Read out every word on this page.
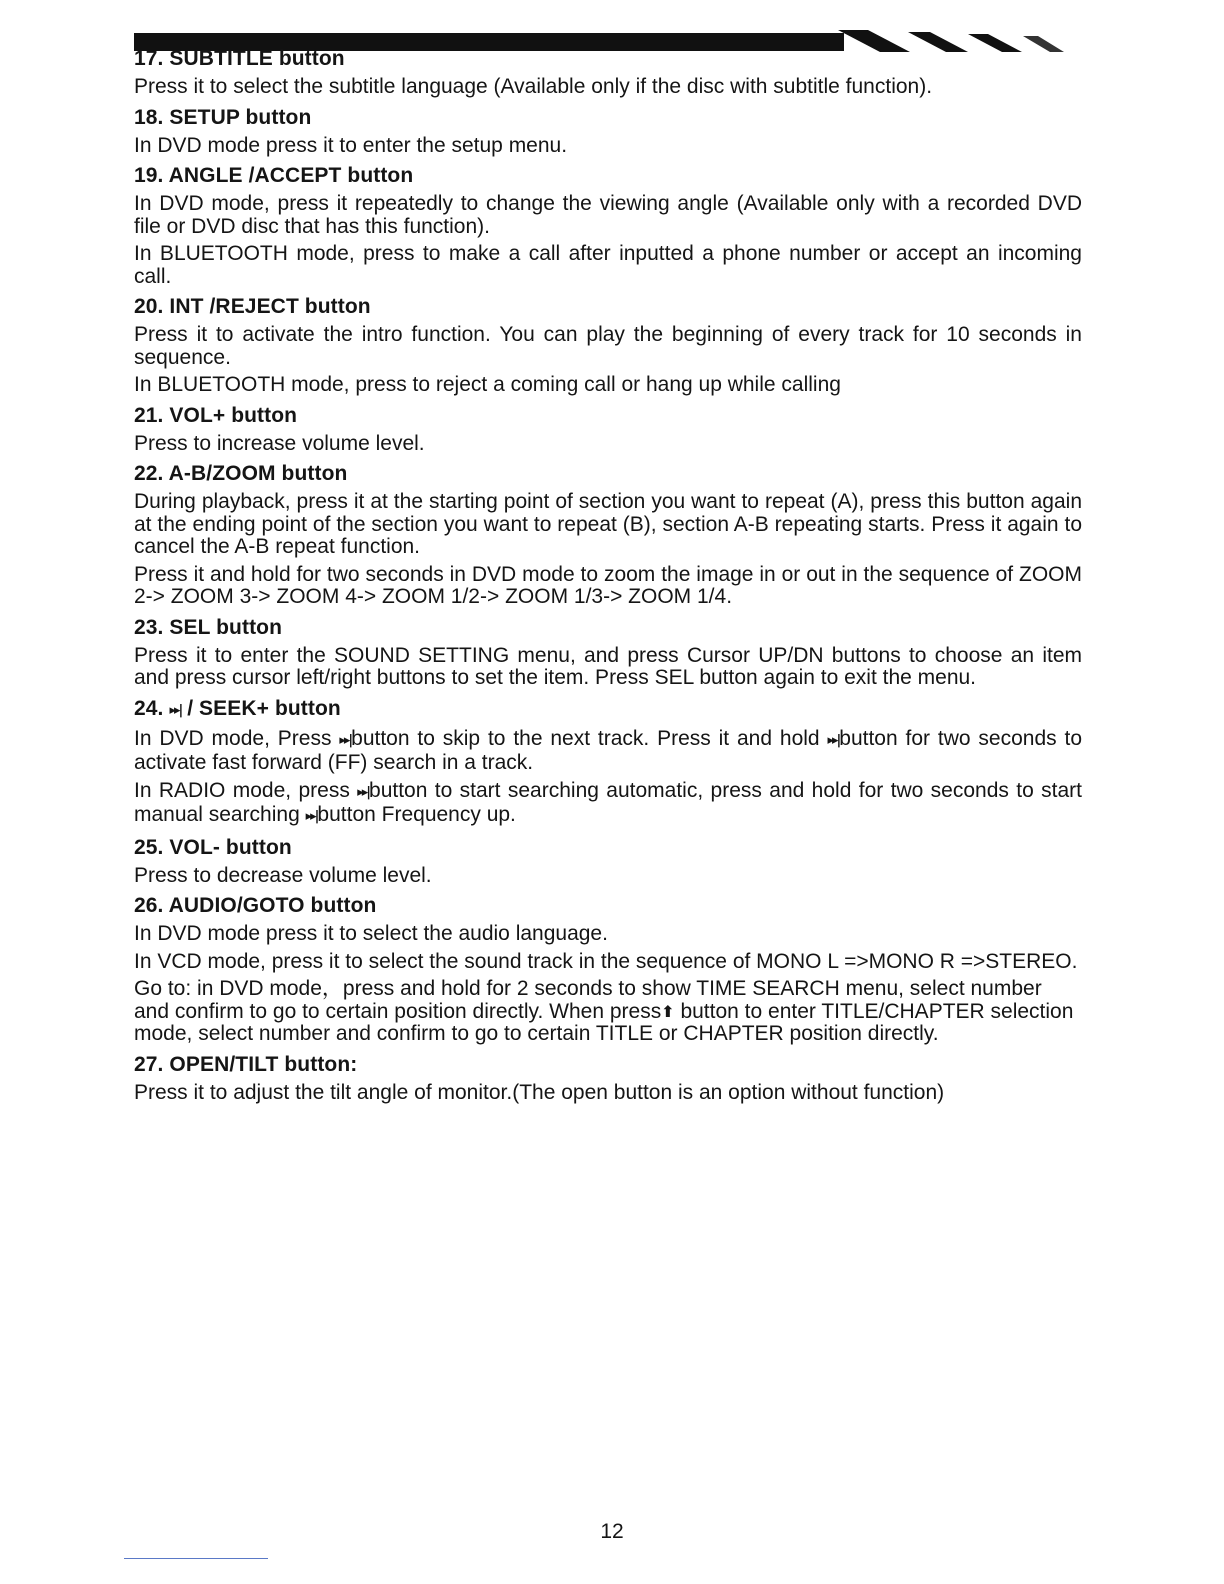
17. SUBTITLE button

Press it to select the subtitle language (Available only if the disc with subtitle function).

18. SETUP button

In DVD mode press it to enter the setup menu.

19. ANGLE /ACCEPT button

In DVD mode, press it repeatedly to change the viewing angle (Available only with a recorded DVD file or DVD disc that has this function).

In BLUETOOTH mode, press to make a call after inputted a phone number or accept an incoming call.

20. INT /REJECT button

Press it to activate the intro function. You can play the beginning of every track for 10 seconds in sequence.

In BLUETOOTH mode, press to reject a coming call or hang up while calling

21. VOL+ button

Press to increase volume level.

22. A-B/ZOOM button

During playback, press it at the starting point of section you want to repeat (A), press this button again at the ending point of the section you want to repeat (B), section A-B repeating starts. Press it again to cancel the A-B repeat function.

Press it and hold for two seconds in DVD mode to zoom the image in or out in the sequence of ZOOM 2-> ZOOM 3-> ZOOM 4-> ZOOM 1/2-> ZOOM 1/3-> ZOOM 1/4.

23. SEL button

Press it to enter the SOUND SETTING menu, and press Cursor UP/DN buttons to choose an item and press cursor left/right buttons to set the item. Press SEL button again to exit the menu.

24. ▸▸| / SEEK+ button

In DVD mode, Press ▸▸|button to skip to the next track. Press it and hold ▸▸|button for two seconds to activate fast forward (FF) search in a track.

In RADIO mode, press ▸▸|button to start searching automatic, press and hold for two seconds to start manual searching ▸▸|button Frequency up.

25. VOL- button

Press to decrease volume level.

26. AUDIO/GOTO button

In DVD mode press it to select the audio language.

In VCD mode, press it to select the sound track in the sequence of MONO L =>MONO R =>STEREO.

Go to: in DVD mode，press and hold for 2 seconds to show TIME SEARCH menu, select number and confirm to go to certain position directly. When press⬆ button to enter TITLE/CHAPTER selection mode, select number and confirm to go to certain TITLE or CHAPTER position directly.

27. OPEN/TILT button:

Press it to adjust the tilt angle of monitor.(The open button is an option without function)

12
